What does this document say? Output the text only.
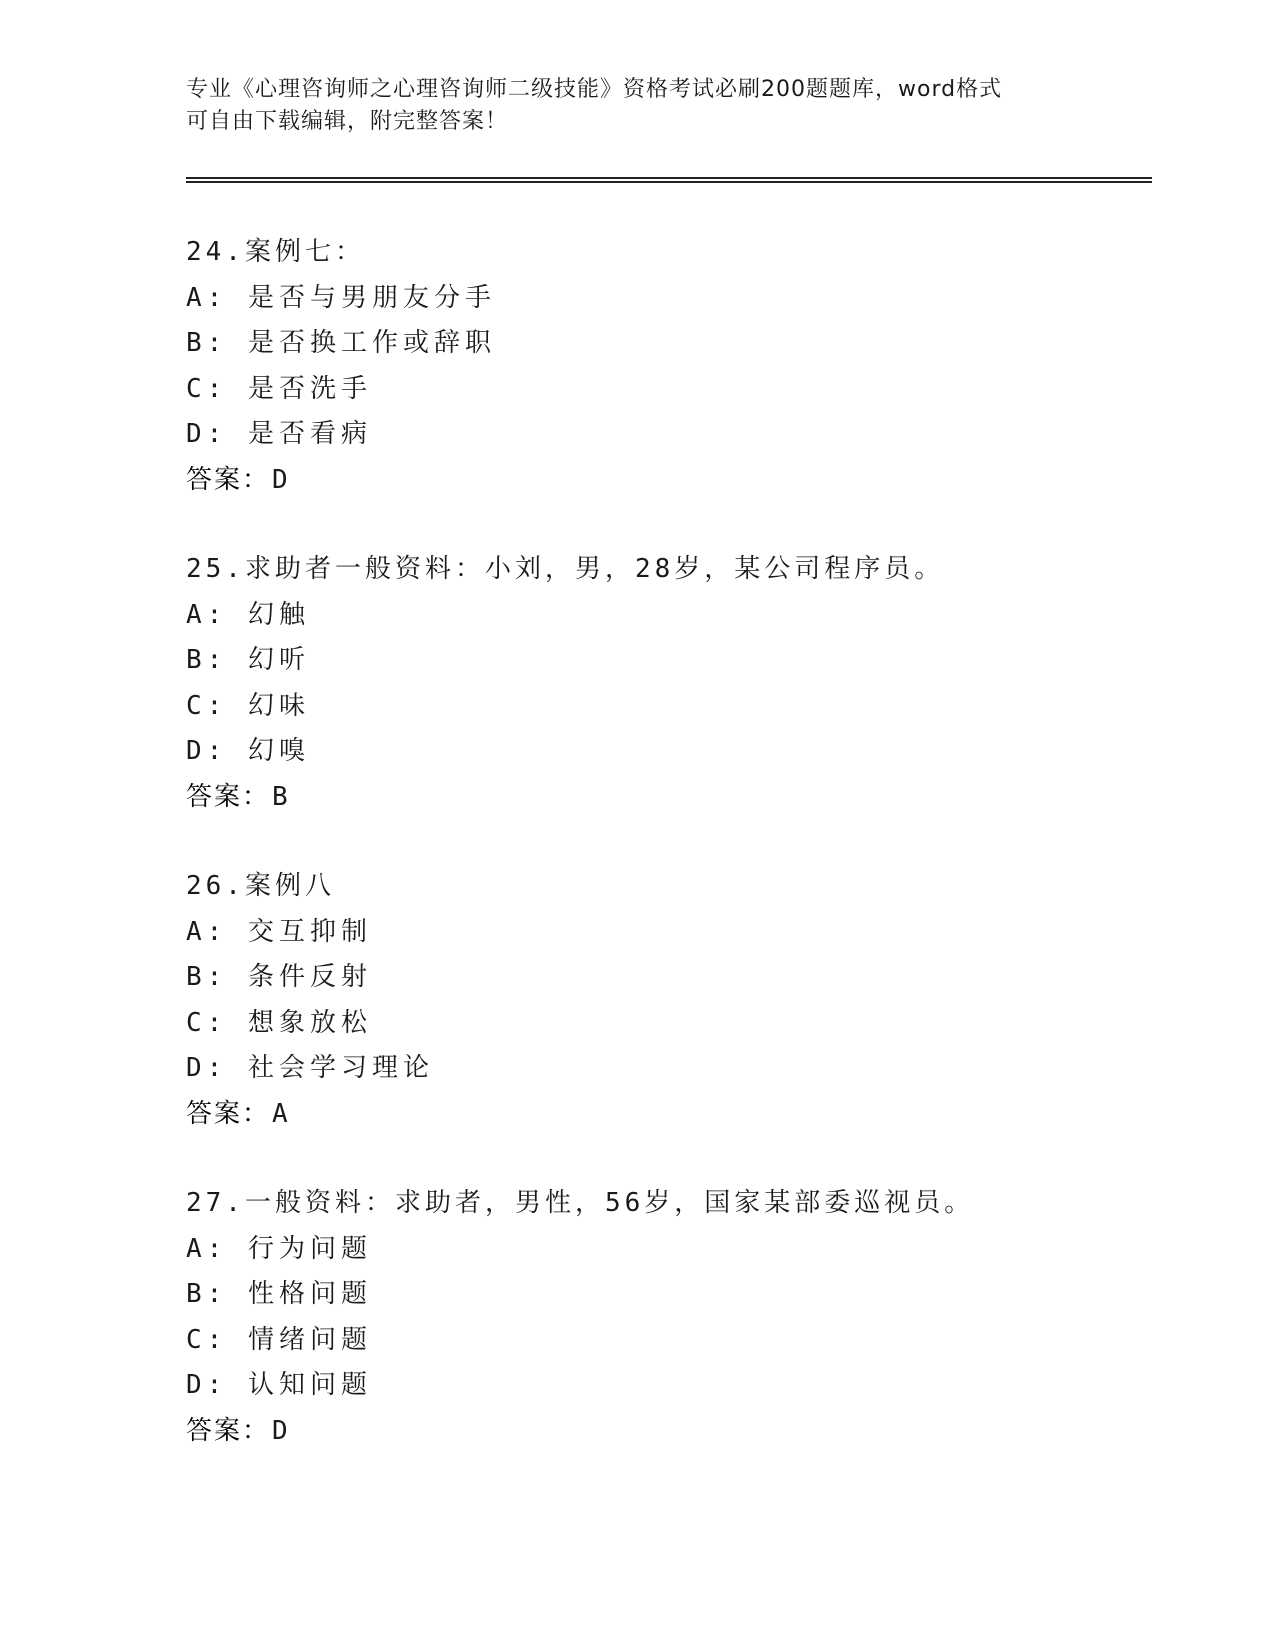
专业《心理咨询师之心理咨询师二级技能》资格考试必刷200题题库，word格式
可自由下载编辑，附完整答案！
24.案例七：
A: 是否与男朋友分手
B: 是否换工作或辞职
C: 是否洗手
D: 是否看病
答案：D
25.求助者一般资料：小刘，男，28岁，某公司程序员。
A: 幻触
B: 幻听
C: 幻味
D: 幻嗅
答案：B
26.案例八
A: 交互抑制
B: 条件反射
C: 想象放松
D: 社会学习理论
答案：A
27.一般资料：求助者，男性，56岁，国家某部委巡视员。
A: 行为问题
B: 性格问题
C: 情绪问题
D: 认知问题
答案：D
